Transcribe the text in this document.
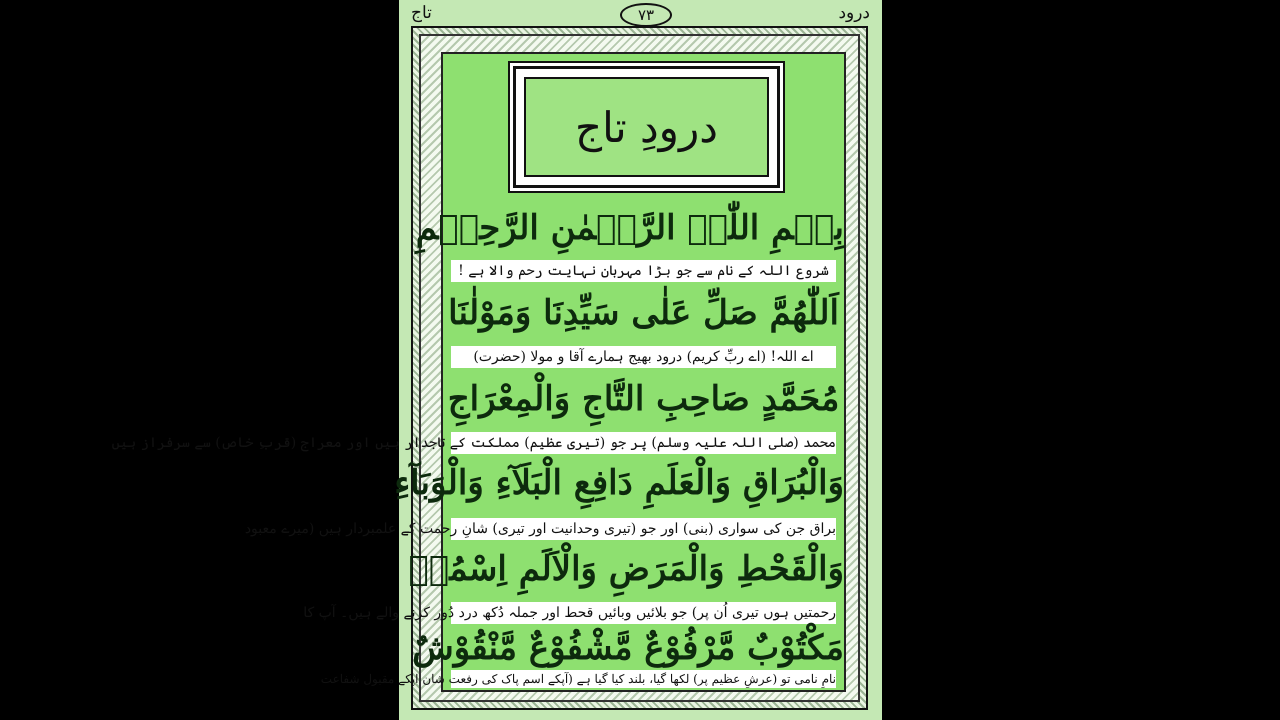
درود
۷۳
تاج
درودِ تاج
بِسۡمِ اللّٰہِ الرَّحۡمٰنِ الرَّحِیۡمِ
شروع اللہ کے نام سے جو بڑا مہربان نہایت رحم والا ہے !
اَللّٰھُمَّ صَلِّ عَلٰی سَیِّدِنَا وَمَوْلٰنَا
اے اللہ! (اے ربِّ کریم) درود بھیج ہمارے آقا و مولا (حضرت)
مُحَمَّدٍ صَاحِبِ التَّاجِ وَالْمِعْرَاجِ
محمد (صلی اللہ علیہ وسلم) پر جو (تیری عظیم) مملکت کے تاجدار ہیں اور معراج (قربِ خاص) سے سرفراز ہیں
وَالْبُرَاقِ وَالْعَلَمِ دَافِعِ الْبَلَآءِ وَالْوَبَآءِ
براق جن کی سواری (بنی) اور جو (تیری وحدانیت اور تیری) شانِ رحمت کے علمبردار ہیں (میرے معبود
وَالْقَحْطِ وَالْمَرَضِ وَالْاَلَمِ اِسْمُہٗ
رحمتیں ہوں تیری اُن پر) جو بلائیں وبائیں قحط اور جملہ دُکھ درد دُور کرنے والے ہیں۔ آپ کا
مَکْتُوْبٌ مَّرْفُوْعٌ مَّشْفُوْعٌ مَّنْقُوْشٌ
نامِ نامی تو (عرشِ عظیم پر) لکھا گیا، بلند کیا گیا ہے (آپکے اسم پاک کی رفعت شان اپکے مقبول شفاعت
